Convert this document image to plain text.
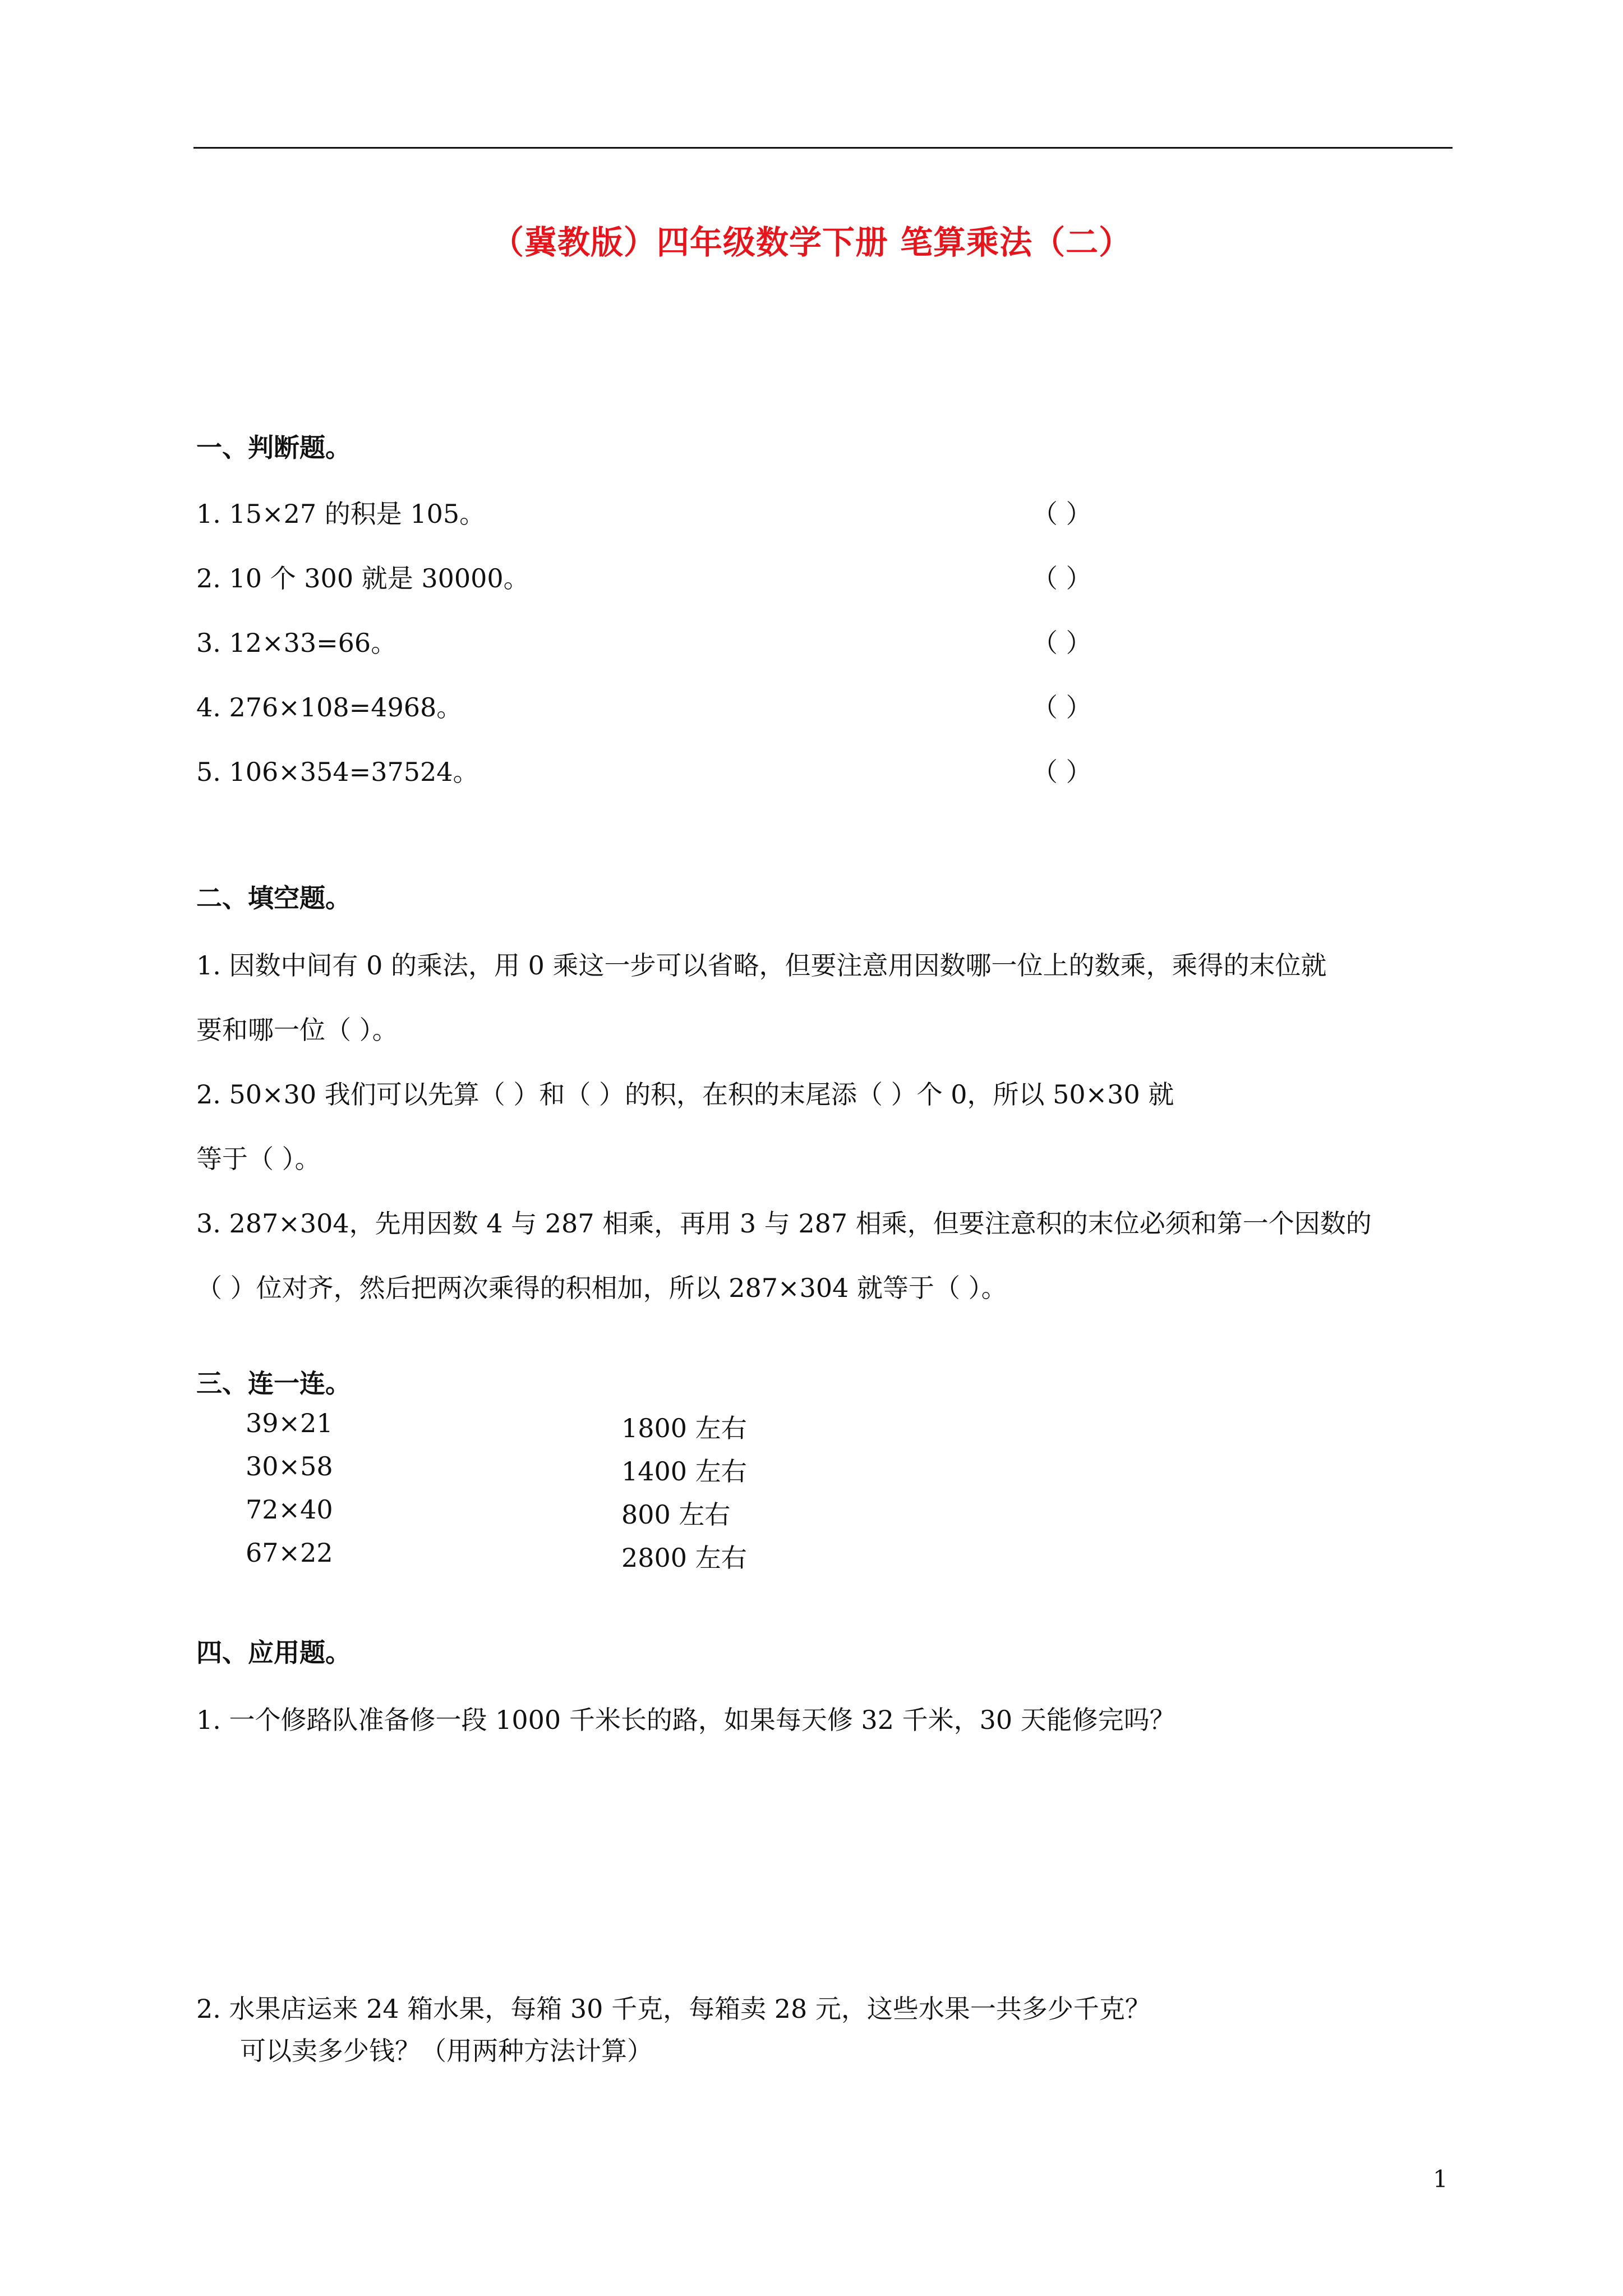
（冀教版）四年级数学下册 笔算乘法（二）
一、判断题。
1. 15×27 的积是 105。	（ ）
2. 10 个 300 就是 30000。	（ ）
3. 12×33=66。	（ ）
4. 276×108=4968。	（ ）
5. 106×354=37524。	（ ）
二、填空题。
1. 因数中间有 0 的乘法，用 0 乘这一步可以省略，但要注意用因数哪一位上的数乘，乘得的末位就
要和哪一位（ ）。
2. 50×30 我们可以先算（ ）和（ ）的积，在积的末尾添（ ）个 0，所以 50×30 就
等于（ ）。
3. 287×304，先用因数 4 与 287 相乘，再用 3 与 287 相乘，但要注意积的末位必须和第一个因数的
（ ）位对齐，然后把两次乘得的积相加，所以 287×304 就等于（ ）。
三、连一连。
39×21
30×58
72×40
67×22
1800 左右
1400 左右
800 左右
2800 左右
四、应用题。
1. 一个修路队准备修一段 1000 千米长的路，如果每天修 32 千米，30 天能修完吗？
2. 水果店运来 24 箱水果，每箱 30 千克，每箱卖 28 元，这些水果一共多少千克？
可以卖多少钱？（用两种方法计算）
1
